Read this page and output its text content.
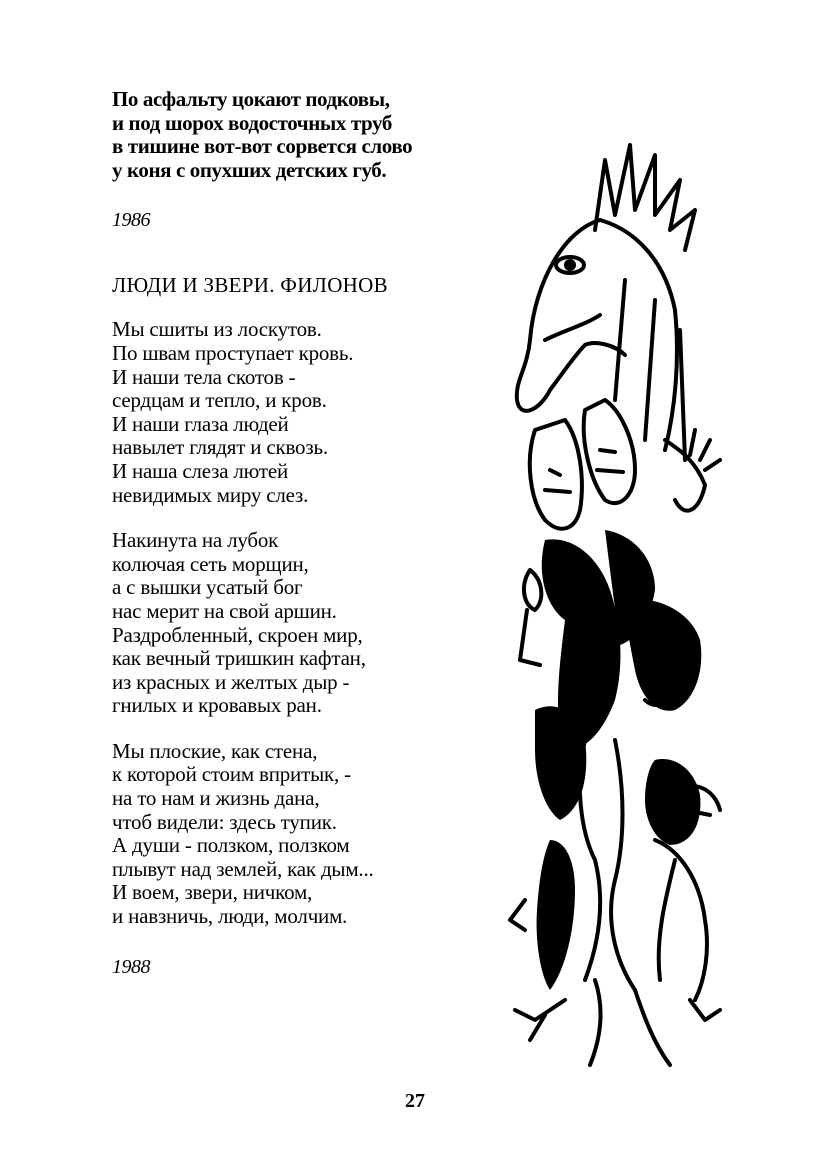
По асфальту цокают подковы,
и под шорох водосточных труб
в тишине вот-вот сорвется слово
у коня с опухших детских губ.
1986
ЛЮДИ И ЗВЕРИ. ФИЛОНОВ
Мы сшиты из лоскутов.
По швам проступает кровь.
И наши тела скотов -
сердцам и тепло, и кров.
И наши глаза людей
навылет глядят и сквозь.
И наша слеза лютей
невидимых миру слез.
Накинута на лубок
колючая сеть морщин,
а с вышки усатый бог
нас мерит на свой аршин.
Раздробленный, скроен мир,
как вечный тришкин кафтан,
из красных и желтых дыр -
гнилых и кровавых ран.
Мы плоские, как стена,
к которой стоим впритык, -
на то нам и жизнь дана,
чтоб видели: здесь тупик.
А души - ползком, ползком
плывут над землей, как дым...
И воем, звери, ничком,
и навзничь, люди, молчим.
1988
27
